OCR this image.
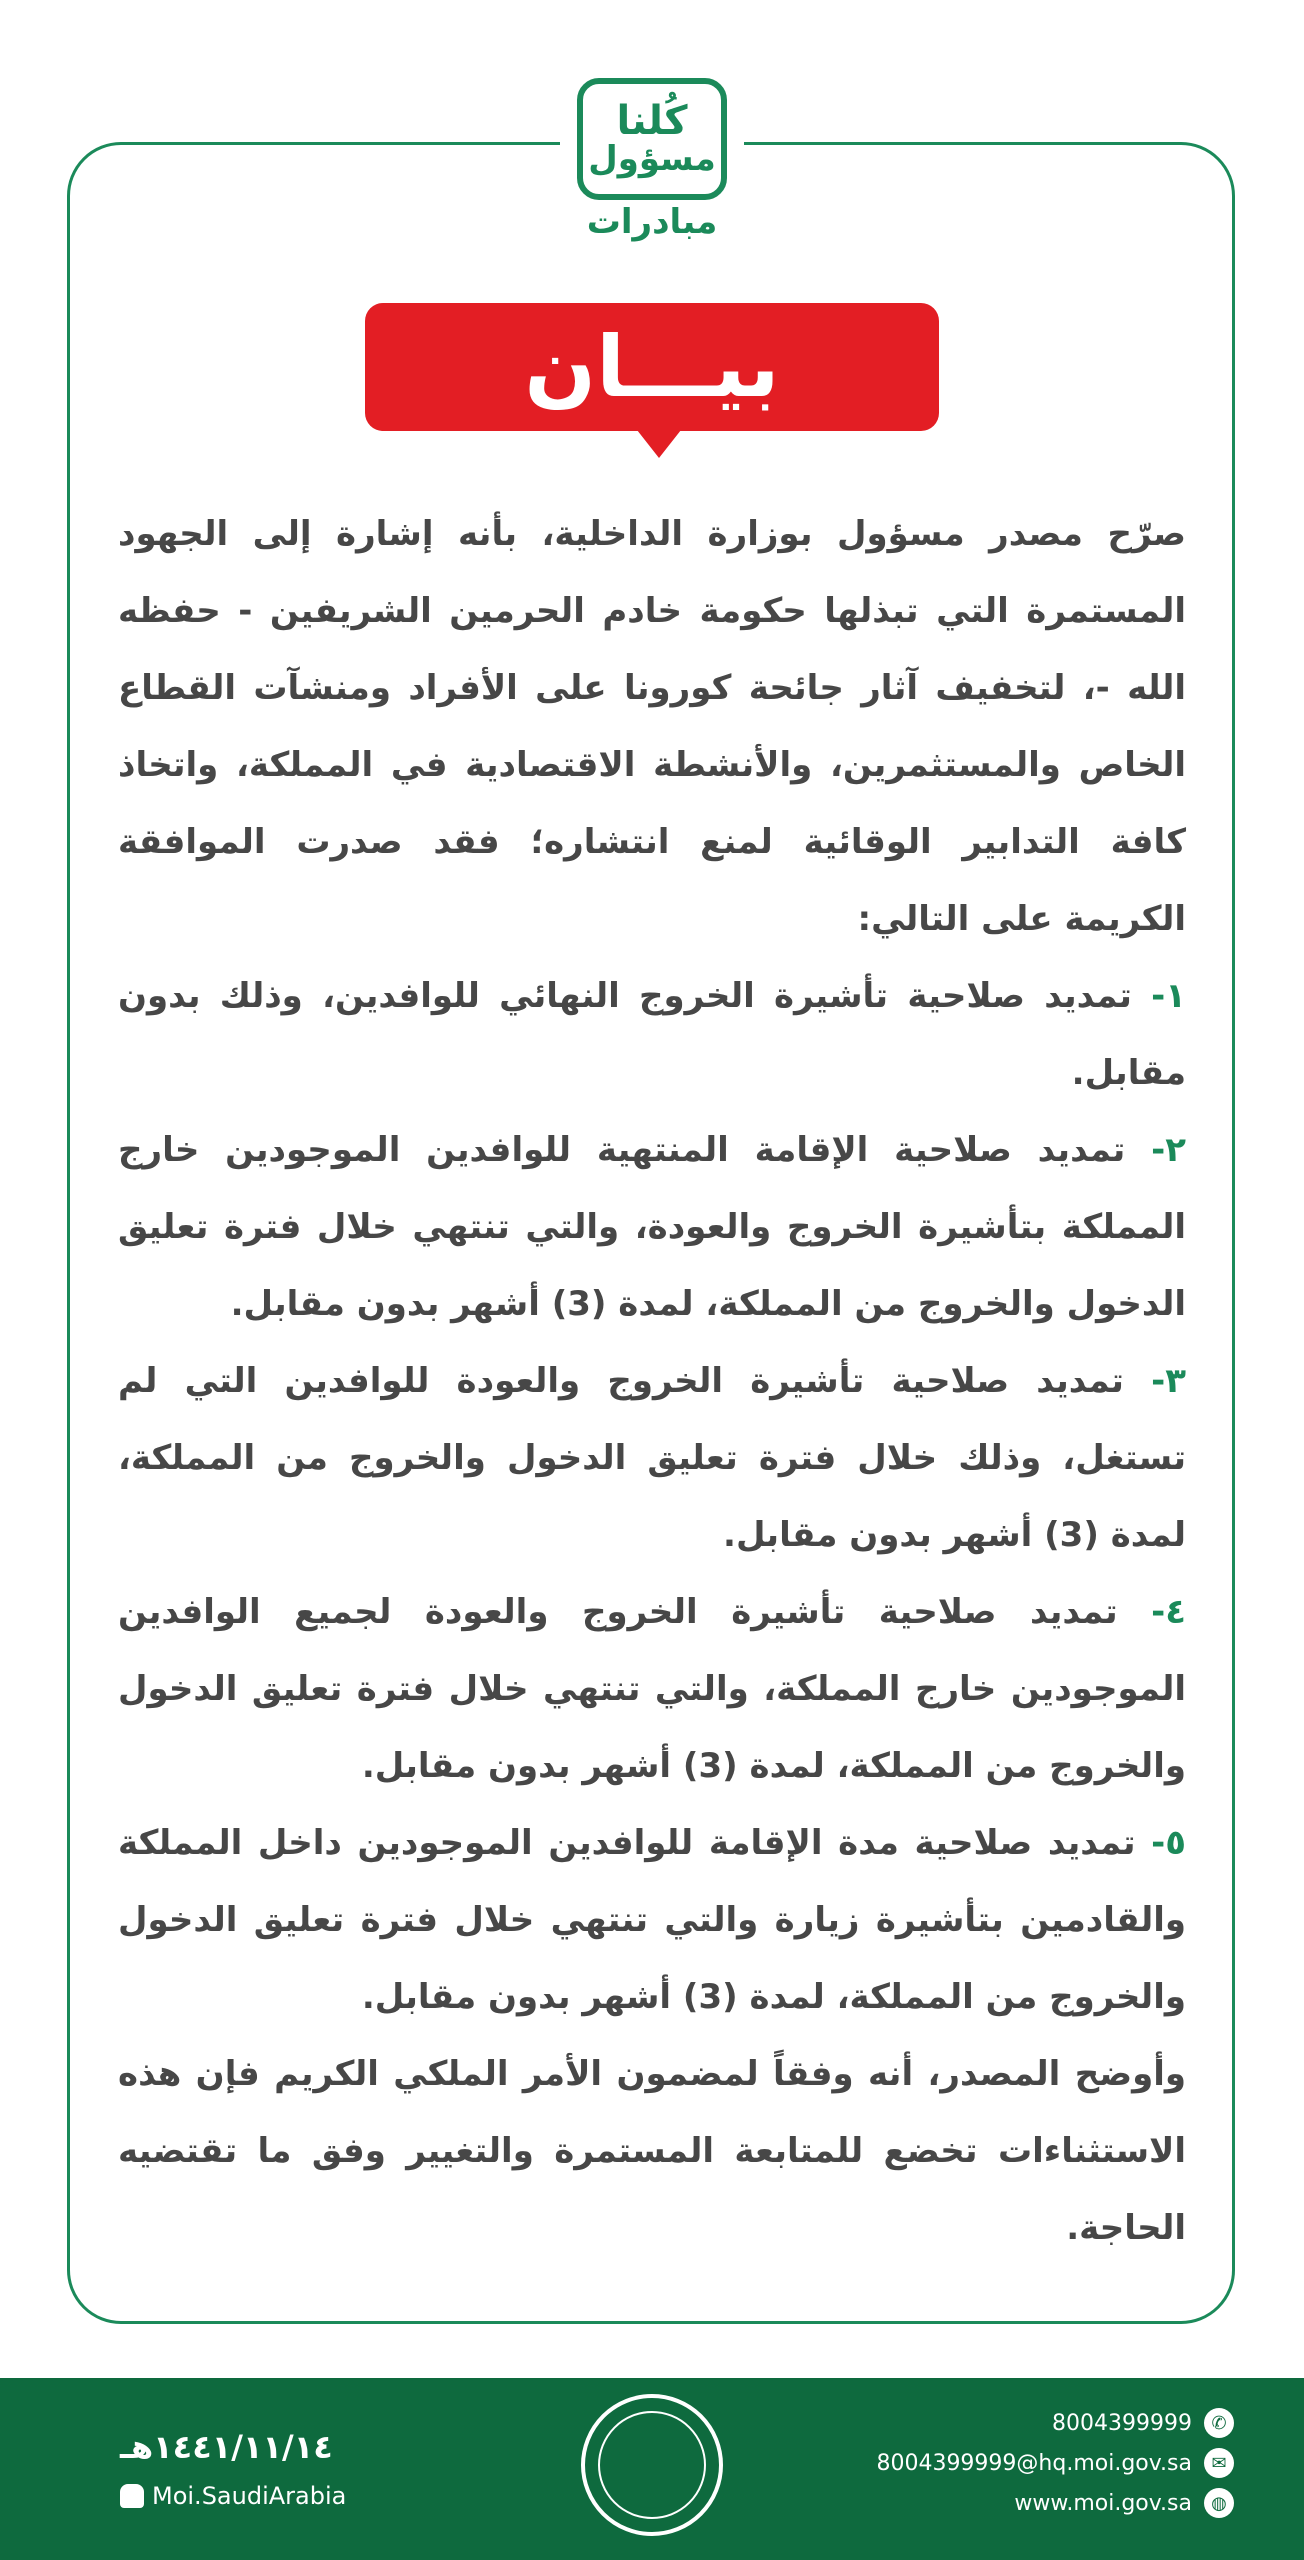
كُلنا
مسؤول
مبادرات
بيـــان

صرّح مصدر مسؤول بوزارة الداخلية، بأنه إشارة إلى الجهود المستمرة التي تبذلها حكومة خادم الحرمين الشريفين - حفظه الله -، لتخفيف آثار جائحة كورونا على الأفراد ومنشآت القطاع الخاص والمستثمرين، والأنشطة الاقتصادية في المملكة، واتخاذ كافة التدابير الوقائية لمنع انتشاره؛ فقد صدرت الموافقة الكريمة على التالي:

١- تمديد صلاحية تأشيرة الخروج النهائي للوافدين، وذلك بدون مقابل.

٢- تمديد صلاحية الإقامة المنتهية للوافدين الموجودين خارج المملكة بتأشيرة الخروج والعودة، والتي تنتهي خلال فترة تعليق الدخول والخروج من المملكة، لمدة (3) أشهر بدون مقابل.

٣- تمديد صلاحية تأشيرة الخروج والعودة للوافدين التي لم تستغل، وذلك خلال فترة تعليق الدخول والخروج من المملكة، لمدة (3) أشهر بدون مقابل.

٤- تمديد صلاحية تأشيرة الخروج والعودة لجميع الوافدين الموجودين خارج المملكة، والتي تنتهي خلال فترة تعليق الدخول والخروج من المملكة، لمدة (3) أشهر بدون مقابل.

٥- تمديد صلاحية مدة الإقامة للوافدين الموجودين داخل المملكة والقادمين بتأشيرة زيارة والتي تنتهي خلال فترة تعليق الدخول والخروج من المملكة، لمدة (3) أشهر بدون مقابل.

وأوضح المصدر، أنه وفقاً لمضمون الأمر الملكي الكريم فإن هذه الاستثناءات تخضع للمتابعة المستمرة والتغيير وفق ما تقتضيه الحاجة.

8004399999	✆
8004399999@hq.moi.gov.sa	✉
www.moi.gov.sa	◍
١٤٤١/١١/١٤هـ
Moi.SaudiArabia
